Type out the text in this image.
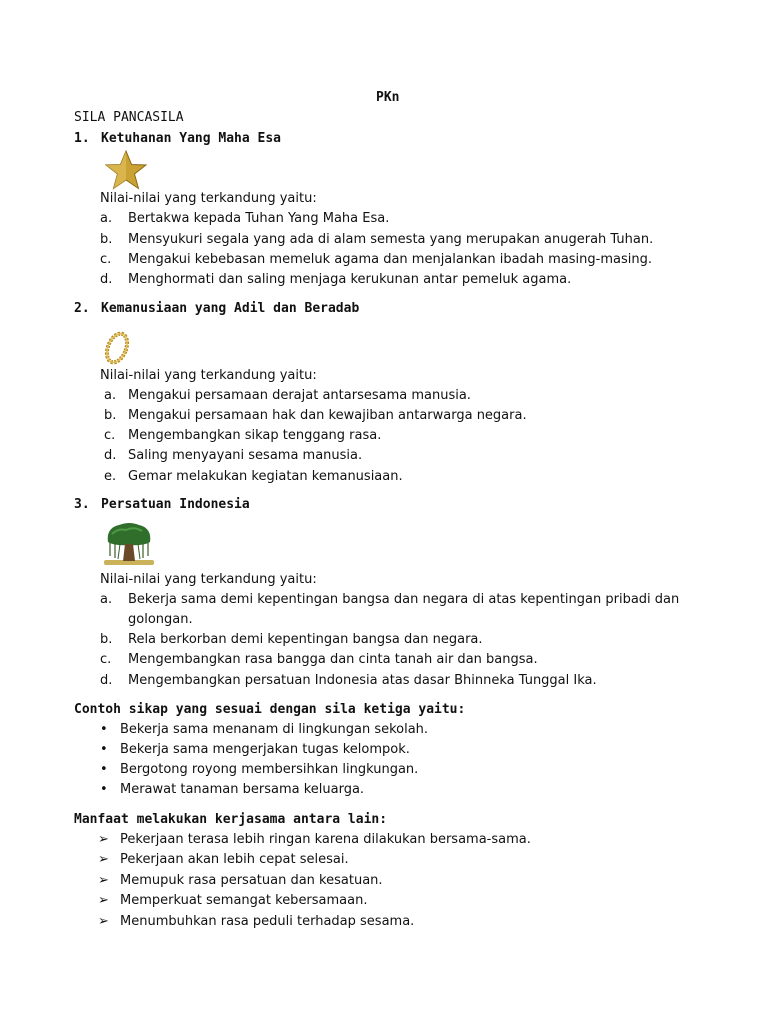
PKn
SILA PANCASILA
1. Ketuhanan Yang Maha Esa
Nilai-nilai yang terkandung yaitu:
a. Bertakwa kepada Tuhan Yang Maha Esa.
b. Mensyukuri segala yang ada di alam semesta yang merupakan anugerah Tuhan.
c. Mengakui kebebasan memeluk agama dan menjalankan ibadah masing-masing.
d. Menghormati dan saling menjaga kerukunan antar pemeluk agama.
2. Kemanusiaan yang Adil dan Beradab
Nilai-nilai yang terkandung yaitu:
a. Mengakui persamaan derajat antarsesama manusia.
b. Mengakui persamaan hak dan kewajiban antarwarga negara.
c. Mengembangkan sikap tenggang rasa.
d. Saling menyayani sesama manusia.
e. Gemar melakukan kegiatan kemanusiaan.
3. Persatuan Indonesia
Nilai-nilai yang terkandung yaitu:
a. Bekerja sama demi kepentingan bangsa dan negara di atas kepentingan pribadi dan
golongan.
b. Rela berkorban demi kepentingan bangsa dan negara.
c. Mengembangkan rasa bangga dan cinta tanah air dan bangsa.
d. Mengembangkan persatuan Indonesia atas dasar Bhinneka Tunggal Ika.
Contoh sikap yang sesuai dengan sila ketiga yaitu:
• Bekerja sama menanam di lingkungan sekolah.
• Bekerja sama mengerjakan tugas kelompok.
• Bergotong royong membersihkan lingkungan.
• Merawat tanaman bersama keluarga.
Manfaat melakukan kerjasama antara lain:
➢ Pekerjaan terasa lebih ringan karena dilakukan bersama-sama.
➢ Pekerjaan akan lebih cepat selesai.
➢ Memupuk rasa persatuan dan kesatuan.
➢ Memperkuat semangat kebersamaan.
➢ Menumbuhkan rasa peduli terhadap sesama.
